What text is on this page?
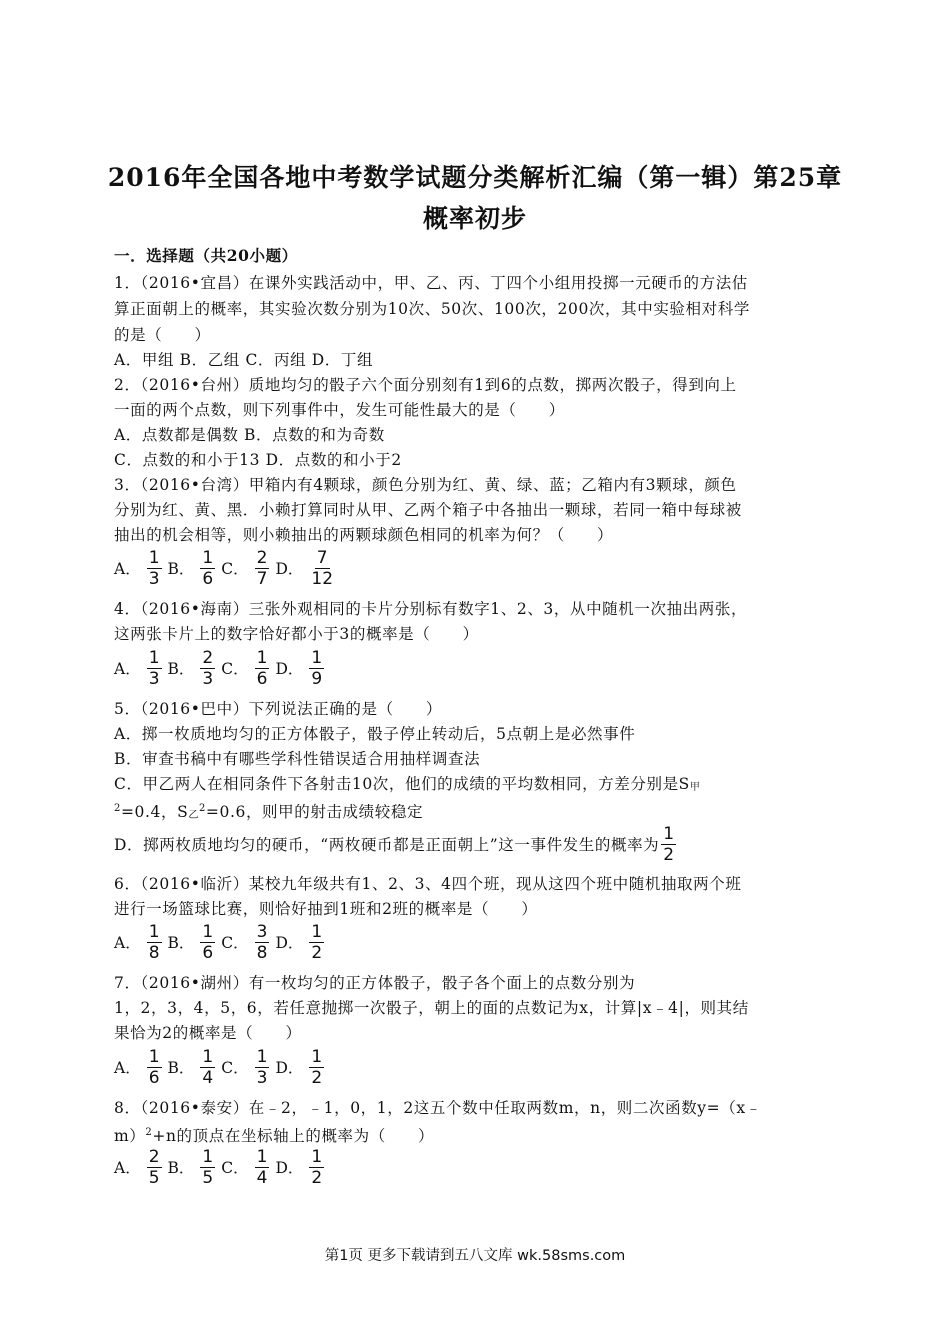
2016年全国各地中考数学试题分类解析汇编（第一辑）第25章
概率初步
一．选择题（共20小题）
1．（2016•宜昌）在课外实践活动中，甲、乙、丙、丁四个小组用投掷一元硬币的方法估
算正面朝上的概率，其实验次数分别为10次、50次、100次，200次，其中实验相对科学
的是（　　）
A．甲组 B．乙组 C．丙组 D．丁组
2．（2016•台州）质地均匀的骰子六个面分别刻有1到6的点数，掷两次骰子，得到向上
一面的两个点数，则下列事件中，发生可能性最大的是（　　）
A．点数都是偶数 B．点数的和为奇数
C．点数的和小于13 D．点数的和小于2
3．（2016•台湾）甲箱内有4颗球，颜色分别为红、黄、绿、蓝；乙箱内有3颗球，颜色
分别为红、黄、黑．小赖打算同时从甲、乙两个箱子中各抽出一颗球，若同一箱中每球被
抽出的机会相等，则小赖抽出的两颗球颜色相同的机率为何？（　　）
A． $\frac{1}{3}$ B． $\frac{1}{6}$ C． $\frac{2}{7}$ D． $\frac{7}{12}$
4．（2016•海南）三张外观相同的卡片分别标有数字1、2、3，从中随机一次抽出两张，
这两张卡片上的数字恰好都小于3的概率是（　　）
A． $\frac{1}{3}$ B． $\frac{2}{3}$ C． $\frac{1}{6}$ D． $\frac{1}{9}$
5．（2016•巴中）下列说法正确的是（　　）
A．掷一枚质地均匀的正方体骰子，骰子停止转动后，5点朝上是必然事件
B．审查书稿中有哪些学科性错误适合用抽样调查法
C．甲乙两人在相同条件下各射击10次，他们的成绩的平均数相同，方差分别是$S_甲$
$^2$=0.4，$S_乙^2=0.6$，则甲的射击成绩较稳定
D．掷两枚质地均匀的硬币，“两枚硬币都是正面朝上”这一事件发生的概率为 $\frac{1}{2}$
6．（2016•临沂）某校九年级共有1、2、3、4四个班，现从这四个班中随机抽取两个班
进行一场篮球比赛，则恰好抽到1班和2班的概率是（　　）
A． $\frac{1}{8}$ B． $\frac{1}{6}$ C． $\frac{3}{8}$ D． $\frac{1}{2}$
7．（2016•湖州）有一枚均匀的正方体骰子，骰子各个面上的点数分别为
1，2，3，4，5，6，若任意抛掷一次骰子，朝上的面的点数记为x，计算|x﹣4|，则其结
果恰为2的概率是（　　）
A． $\frac{1}{6}$ B． $\frac{1}{4}$ C． $\frac{1}{3}$ D． $\frac{1}{2}$
8．（2016•泰安）在﹣2，﹣1，0，1，2这五个数中任取两数m，n，则二次函数y=（x﹣
m）$^2$+n的顶点在坐标轴上的概率为（　　）
A． $\frac{2}{5}$ B． $\frac{1}{5}$ C． $\frac{1}{4}$ D． $\frac{1}{2}$
第1页 更多下载请到五八文库 wk.58sms.com
